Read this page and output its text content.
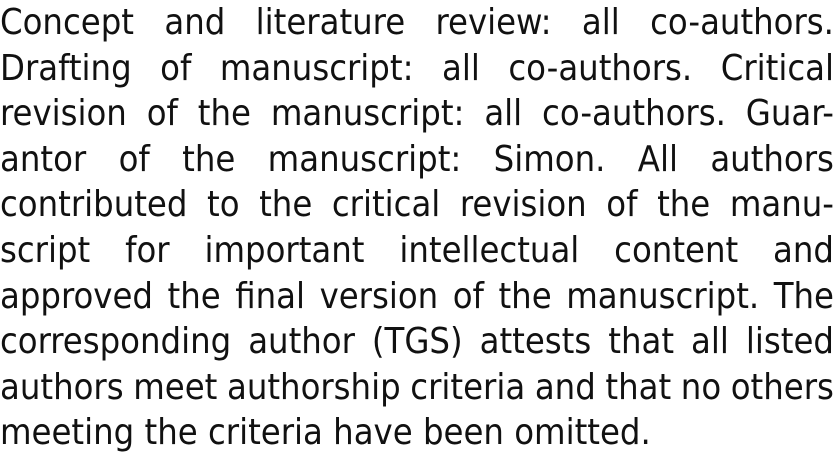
Concept and literature review: all co-authors.
Drafting of manuscript: all co-authors. Critical
revision of the manuscript: all co-authors. Guar-
antor of the manuscript: Simon. All authors
contributed to the critical revision of the manu-
script for important intellectual content and
approved the final version of the manuscript. The
corresponding author (TGS) attests that all listed
authors meet authorship criteria and that no others
meeting the criteria have been omitted.
